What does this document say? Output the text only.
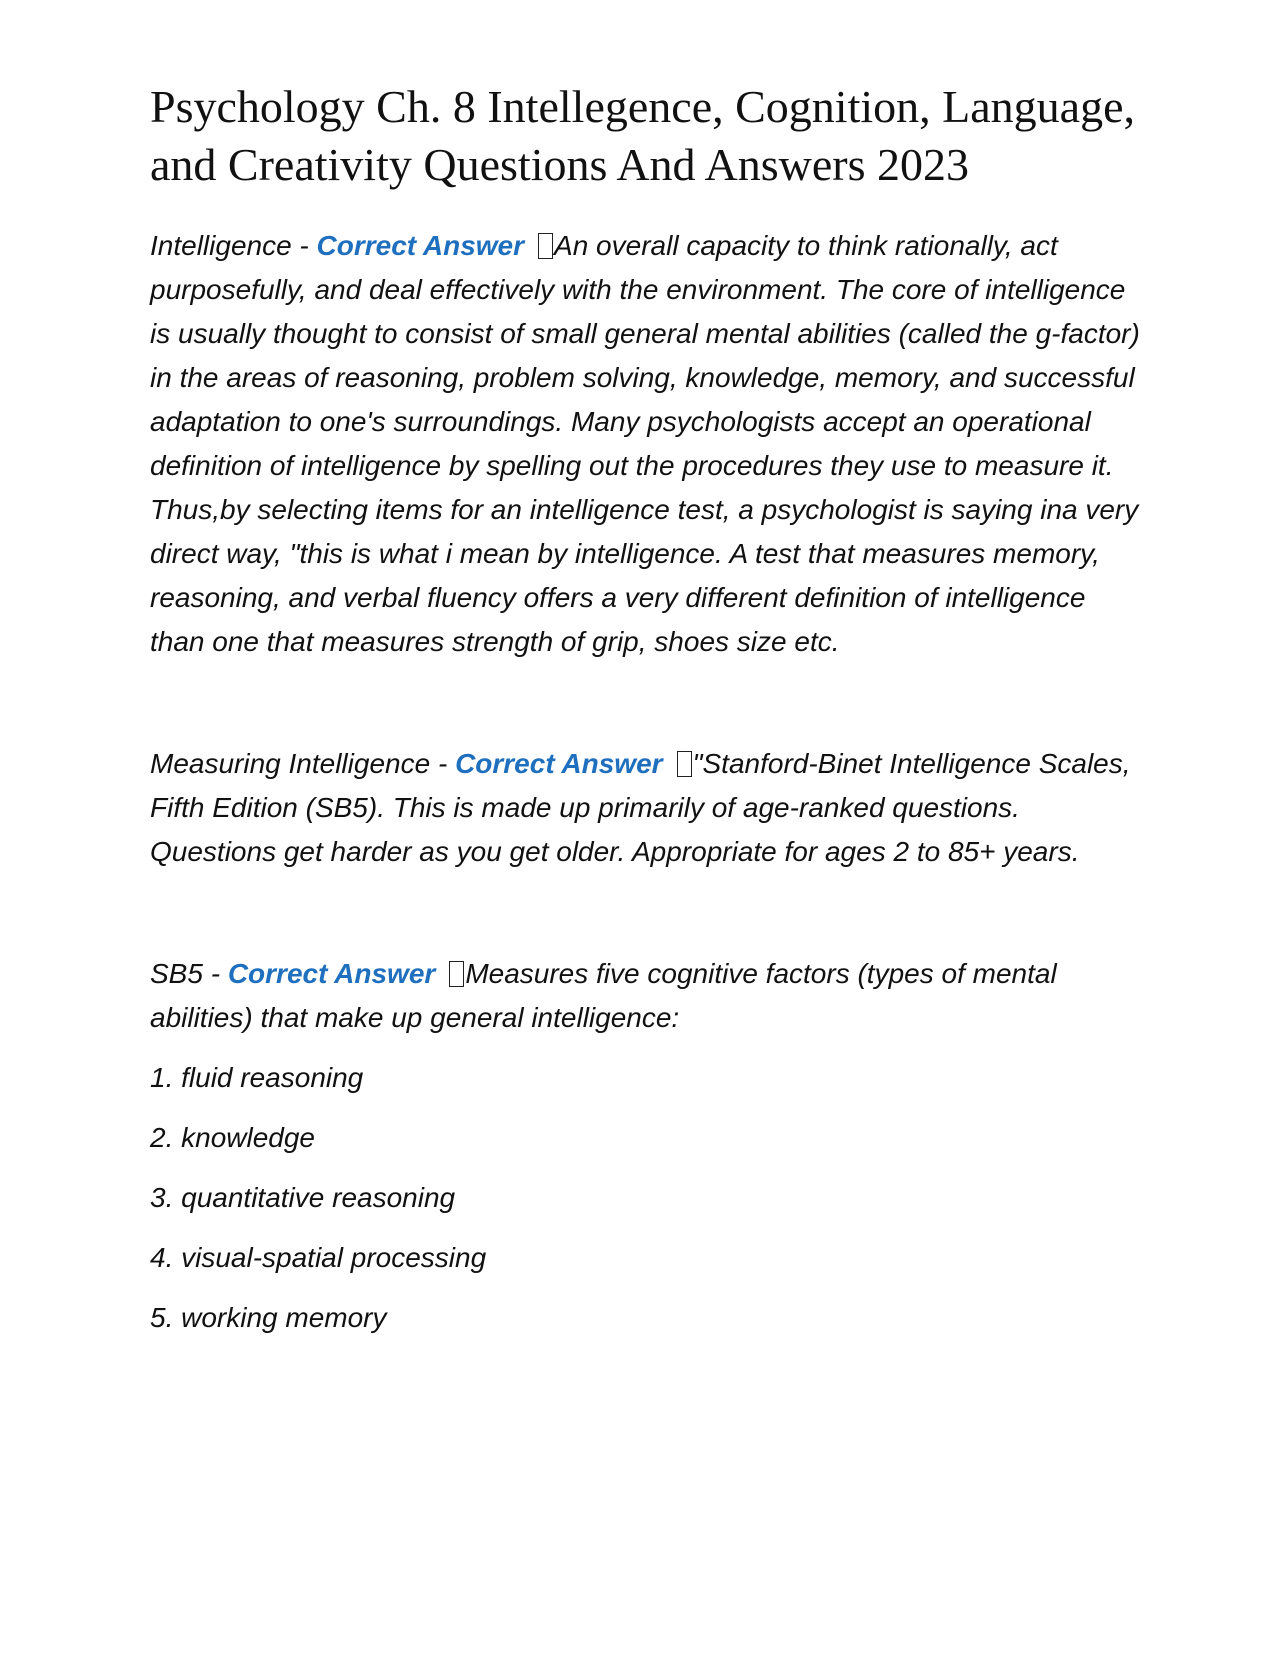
Psychology Ch. 8 Intellegence, Cognition, Language, and Creativity Questions And Answers 2023

Intelligence - Correct Answer An overall capacity to think rationally, act purposefully, and deal effectively with the environment. The core of intelligence is usually thought to consist of small general mental abilities (called the g-factor) in the areas of reasoning, problem solving, knowledge, memory, and successful adaptation to one's surroundings. Many psychologists accept an operational definition of intelligence by spelling out the procedures they use to measure it. Thus,by selecting items for an intelligence test, a psychologist is saying ina very direct way, "this is what i mean by intelligence. A test that measures memory, reasoning, and verbal fluency offers a very different definition of intelligence than one that measures strength of grip, shoes size etc.

Measuring Intelligence - Correct Answer "Stanford-Binet Intelligence Scales, Fifth Edition (SB5). This is made up primarily of age-ranked questions. Questions get harder as you get older. Appropriate for ages 2 to 85+ years.

SB5 - Correct Answer Measures five cognitive factors (types of mental abilities) that make up general intelligence:

1. fluid reasoning

2. knowledge

3. quantitative reasoning

4. visual-spatial processing

5. working memory
